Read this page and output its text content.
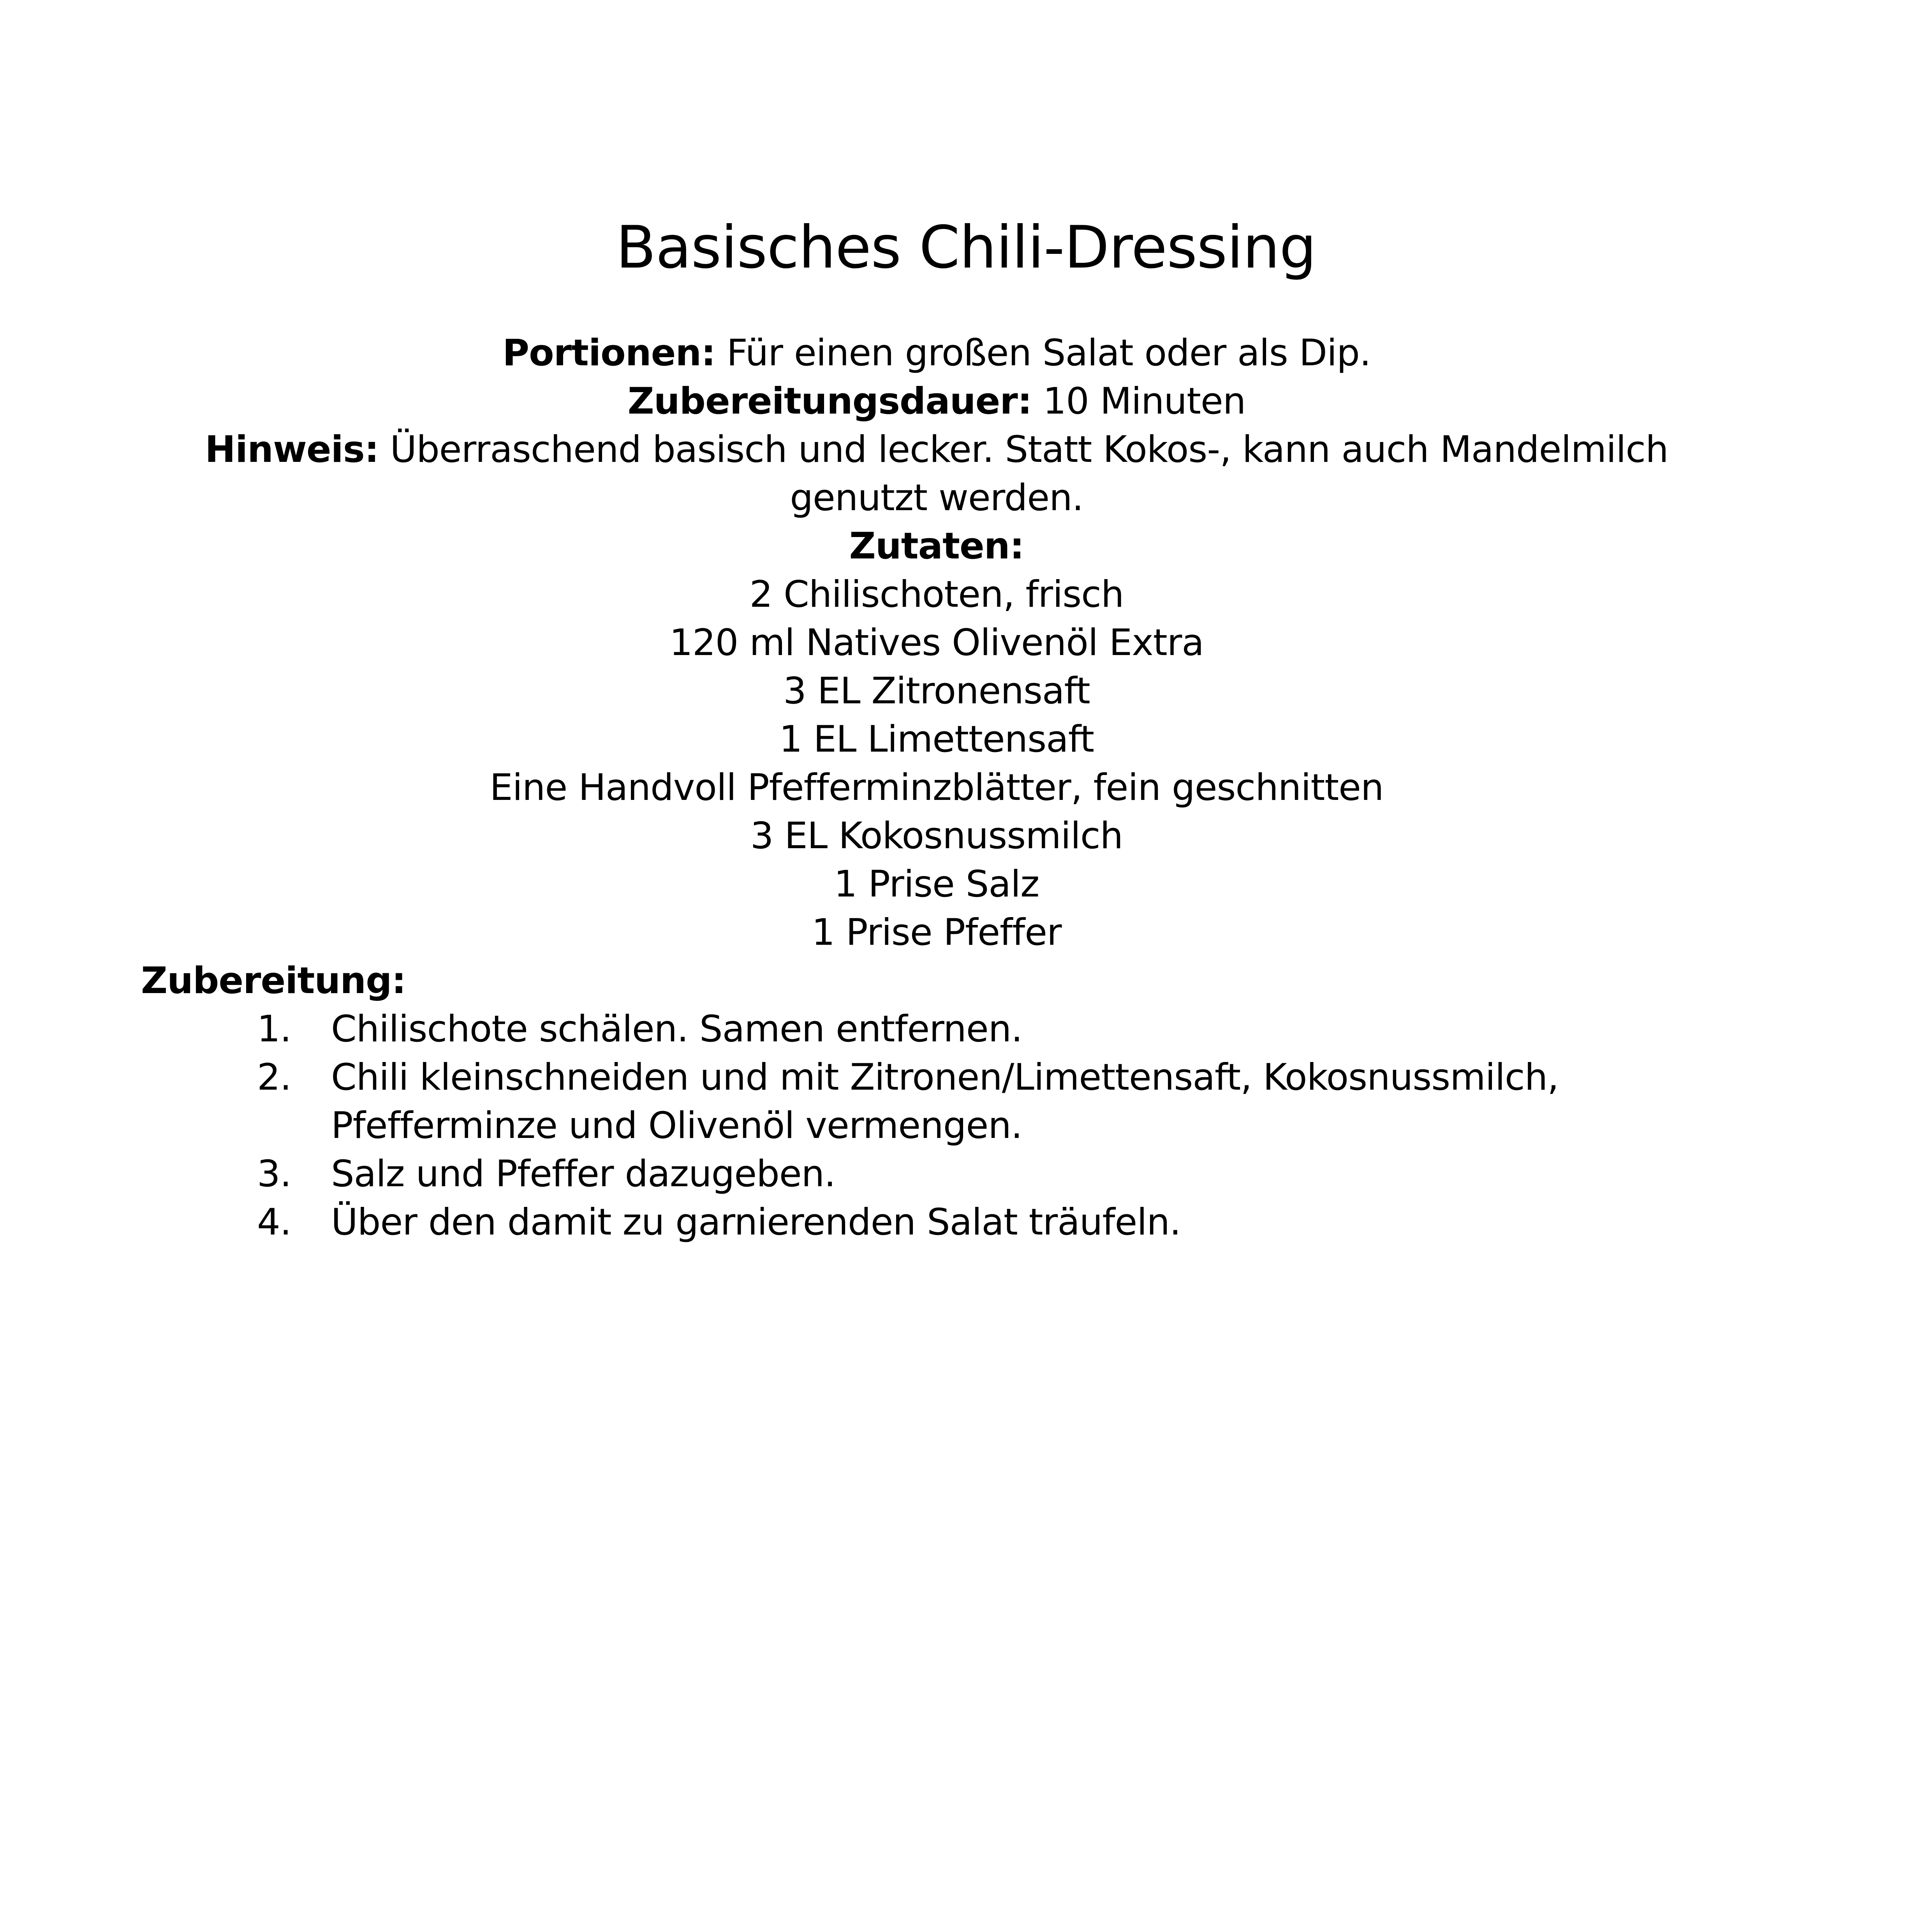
Basisches Chili-Dressing

Portionen: Für einen großen Salat oder als Dip.

Zubereitungsdauer: 10 Minuten

Hinweis: Überraschend basisch und lecker. Statt Kokos-, kann auch Mandelmilch genutzt werden.

Zutaten:

2 Chilischoten, frisch
120 ml Natives Olivenöl Extra
3 EL Zitronensaft
1 EL Limettensaft
Eine Handvoll Pfefferminzblätter, fein geschnitten
3 EL Kokosnussmilch
1 Prise Salz
1 Prise Pfeffer
Zubereitung:
1. Chilischote schälen. Samen entfernen.
2. Chili kleinschneiden und mit Zitronen/Limettensaft, Kokosnussmilch, Pfefferminze und Olivenöl vermengen.
3. Salz und Pfeffer dazugeben.
4. Über den damit zu garnierenden Salat träufeln.
